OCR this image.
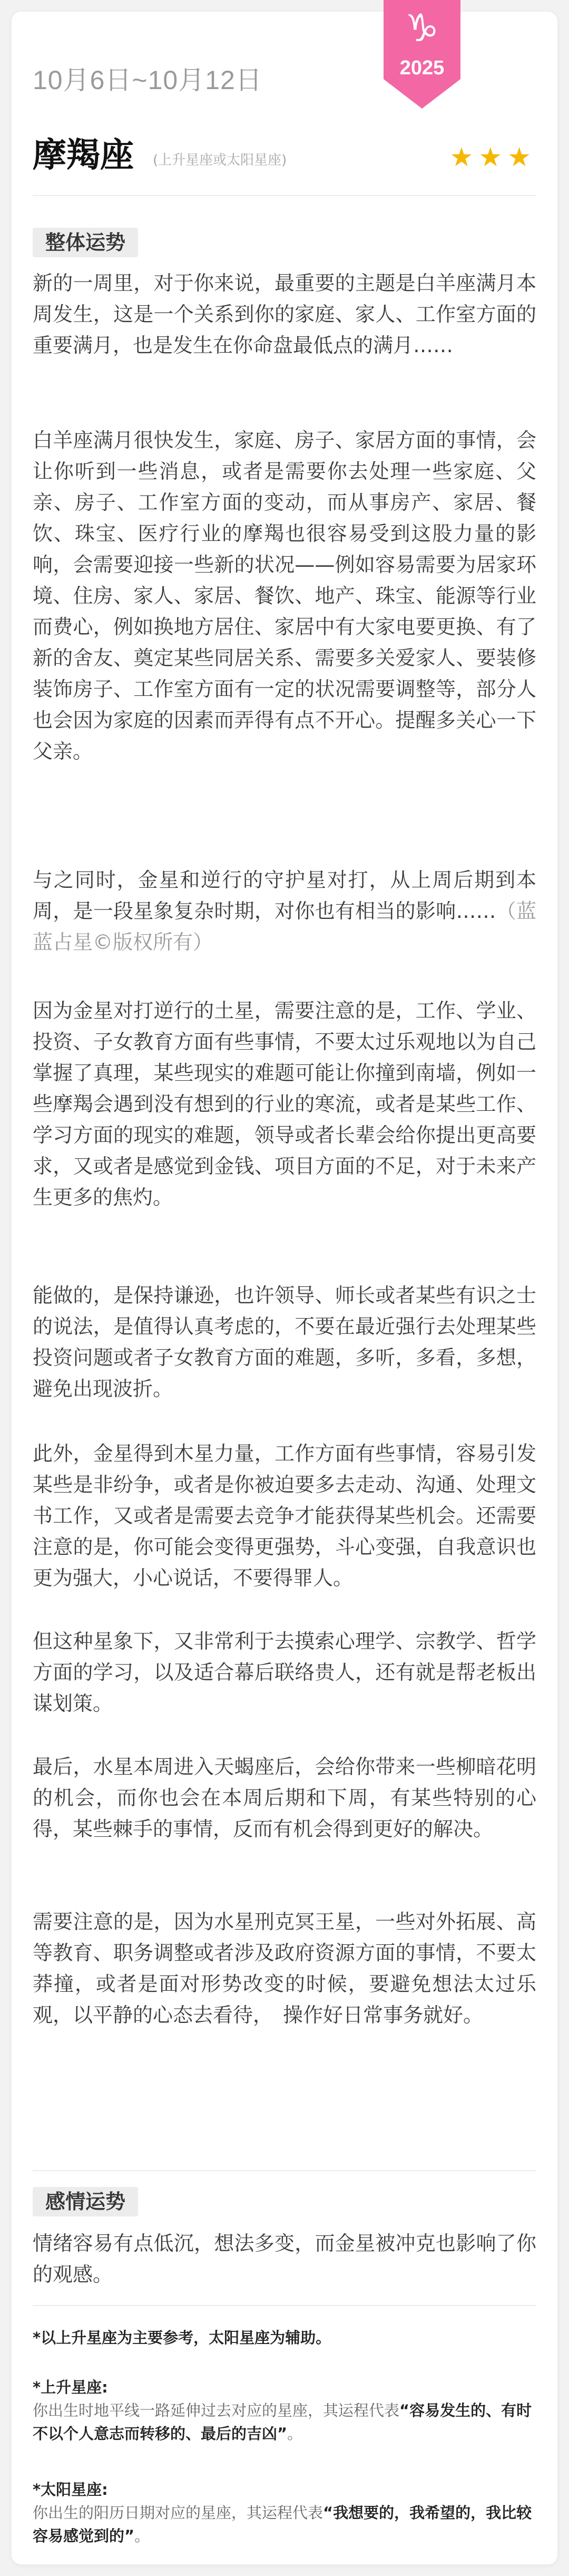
10月6日~10月12日
♑
2025
摩羯座 (上升星座或太阳星座)	★★★
整体运势

新的一周里，对于你来说，最重要的主题是白羊座满月本周发生，这是一个关系到你的家庭、家人、工作室方面的重要满月，也是发生在你命盘最低点的满月……

白羊座满月很快发生，家庭、房子、家居方面的事情，会让你听到一些消息，或者是需要你去处理一些家庭、父亲、房子、工作室方面的变动，而从事房产、家居、餐饮、珠宝、医疗行业的摩羯也很容易受到这股力量的影响，会需要迎接一些新的状况——例如容易需要为居家环境、住房、家人、家居、餐饮、地产、珠宝、能源等行业而费心，例如换地方居住、家居中有大家电要更换、有了新的舍友、奠定某些同居关系、需要多关爱家人、要装修装饰房子、工作室方面有一定的状况需要调整等，部分人也会因为家庭的因素而弄得有点不开心。提醒多关心一下父亲。

与之同时，金星和逆行的守护星对打，从上周后期到本周，是一段星象复杂时期，对你也有相当的影响……（蓝蓝占星©版权所有）

因为金星对打逆行的土星，需要注意的是，工作、学业、投资、子女教育方面有些事情，不要太过乐观地以为自己掌握了真理，某些现实的难题可能让你撞到南墙，例如一些摩羯会遇到没有想到的行业的寒流，或者是某些工作、学习方面的现实的难题，领导或者长辈会给你提出更高要求，又或者是感觉到金钱、项目方面的不足，对于未来产生更多的焦灼。

能做的，是保持谦逊，也许领导、师长或者某些有识之士的说法，是值得认真考虑的，不要在最近强行去处理某些投资问题或者子女教育方面的难题，多听，多看，多想，避免出现波折。

此外，金星得到木星力量，工作方面有些事情，容易引发某些是非纷争，或者是你被迫要多去走动、沟通、处理文书工作，又或者是需要去竞争才能获得某些机会。还需要注意的是，你可能会变得更强势，斗心变强，自我意识也更为强大，小心说话，不要得罪人。

但这种星象下，又非常利于去摸索心理学、宗教学、哲学方面的学习，以及适合幕后联络贵人，还有就是帮老板出谋划策。

最后，水星本周进入天蝎座后，会给你带来一些柳暗花明的机会，而你也会在本周后期和下周，有某些特别的心得，某些棘手的事情，反而有机会得到更好的解决。

需要注意的是，因为水星刑克冥王星，一些对外拓展、高等教育、职务调整或者涉及政府资源方面的事情，不要太莽撞，或者是面对形势改变的时候，要避免想法太过乐观，以平静的心态去看待，　操作好日常事务就好。

感情运势

情绪容易有点低沉，想法多变，而金星被冲克也影响了你的观感。

*以上升星座为主要参考，太阳星座为辅助。

*上升星座:
你出生时地平线一路延伸过去对应的星座，其运程代表“容易发生的、有时不以个人意志而转移的、最后的吉凶”。

*太阳星座:
你出生的阳历日期对应的星座，其运程代表“我想要的，我希望的，我比较容易感觉到的”。
